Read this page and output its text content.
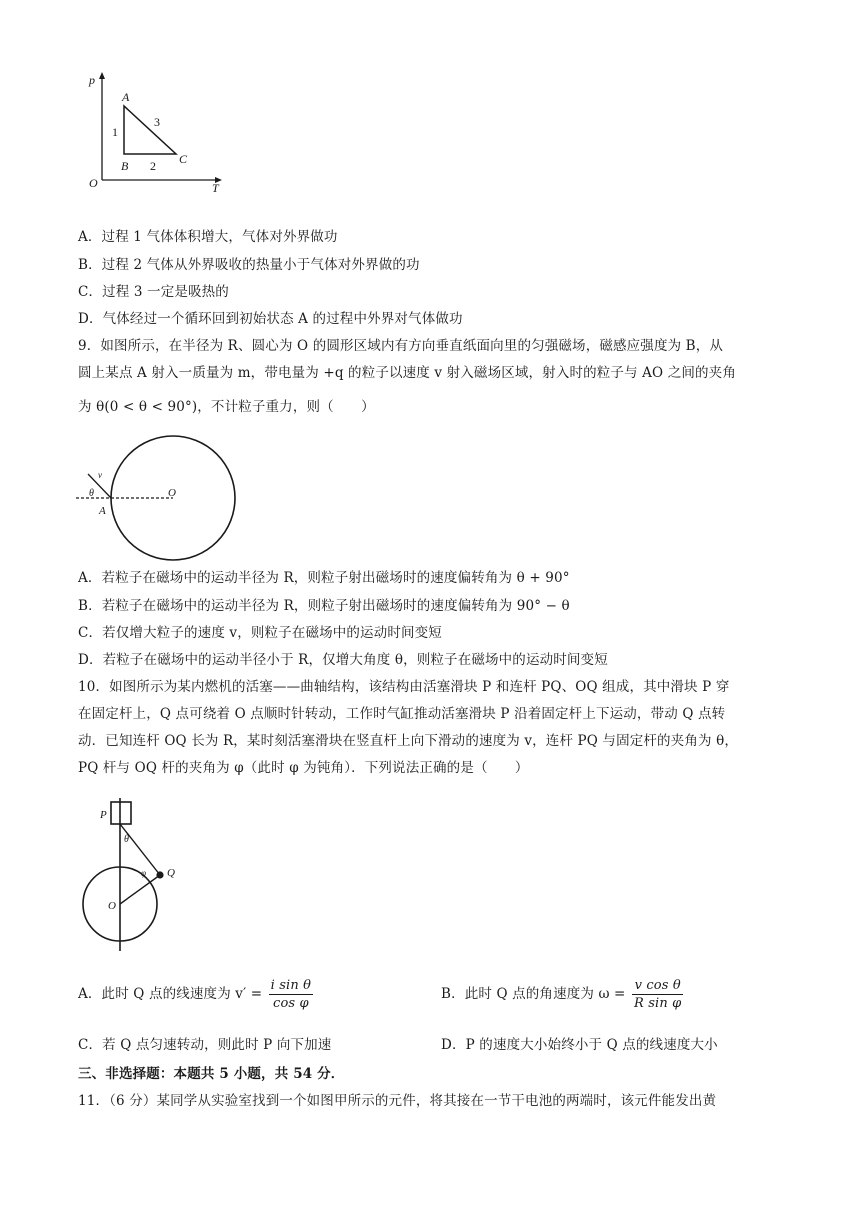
p
T
O
A
B	C
1
2
3
A．过程 1 气体体积增大，气体对外界做功
B．过程 2 气体从外界吸收的热量小于气体对外界做的功
C．过程 3 一定是吸热的
D．气体经过一个循环回到初始状态 A 的过程中外界对气体做功
9．如图所示，在半径为 R、圆心为 O 的圆形区域内有方向垂直纸面向里的匀强磁场，磁感应强度为 B，从
圆上某点 A 射入一质量为 m，带电量为 +q 的粒子以速度 v 射入磁场区域，射入时的粒子与 AO 之间的夹角
为 θ(0 < θ < 90°)，不计粒子重力，则（　　）
v
θ
A
O
A．若粒子在磁场中的运动半径为 R，则粒子射出磁场时的速度偏转角为 θ + 90°
B．若粒子在磁场中的运动半径为 R，则粒子射出磁场时的速度偏转角为 90° − θ
C．若仅增大粒子的速度 v，则粒子在磁场中的运动时间变短
D．若粒子在磁场中的运动半径小于 R，仅增大角度 θ，则粒子在磁场中的运动时间变短
10．如图所示为某内燃机的活塞——曲轴结构，该结构由活塞滑块 P 和连杆 PQ、OQ 组成，其中滑块 P 穿
在固定杆上，Q 点可绕着 O 点顺时针转动，工作时气缸推动活塞滑块 P 沿着固定杆上下运动，带动 Q 点转
动．已知连杆 OQ 长为 R，某时刻活塞滑块在竖直杆上向下滑动的速度为 v，连杆 PQ 与固定杆的夹角为 θ，
PQ 杆与 OQ 杆的夹角为 φ（此时 φ 为钝角）．下列说法正确的是（　　）
P
θ
φ Q
O
A．此时 Q 点的线速度为 $v' = \frac{\text{i sin θ}}{\text{cos φ}}$	B．此时 Q 点的角速度为 $\omega = \frac{\text{v cos θ}}{\text{R sin φ}}$
C．若 Q 点匀速转动，则此时 P 向下加速	D．P 的速度大小始终小于 Q 点的线速度大小
三、非选择题：本题共 5 小题，共 54 分．
11．（6 分）某同学从实验室找到一个如图甲所示的元件，将其接在一节干电池的两端时，该元件能发出黄
